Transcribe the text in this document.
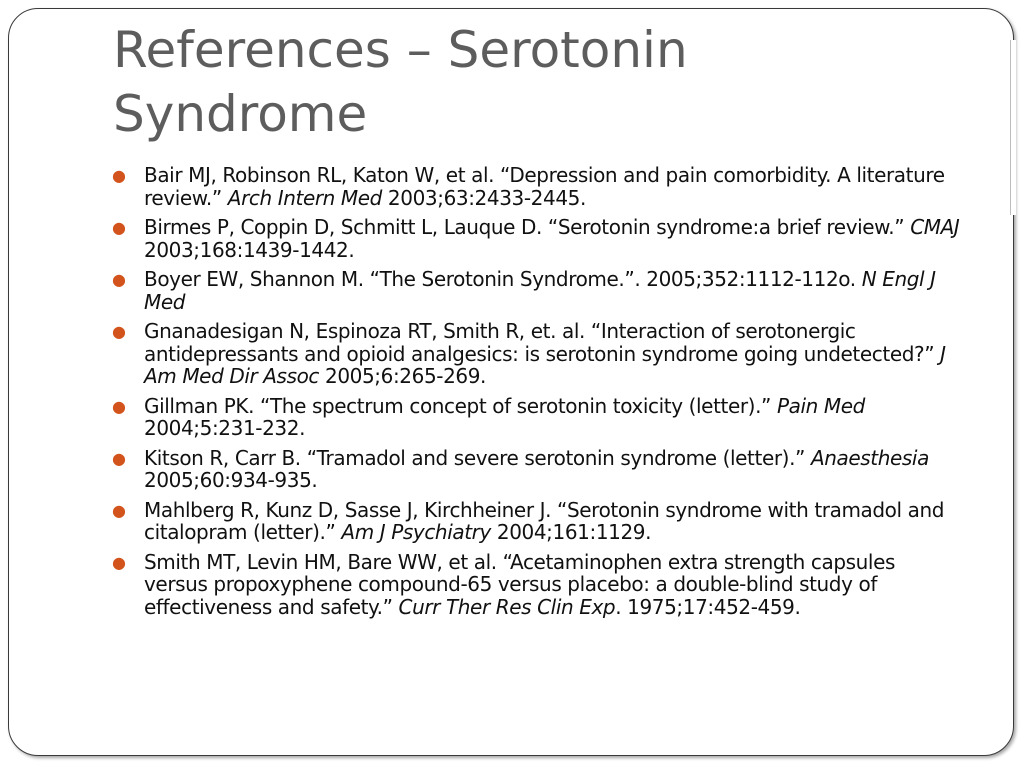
References – Serotonin Syndrome
● Bair MJ, Robinson RL, Katon W, et al. “Depression and pain comorbidity. A literature review.” Arch Intern Med 2003;63:2433-2445.
● Birmes P, Coppin D, Schmitt L, Lauque D. “Serotonin syndrome:a brief review.” CMAJ 2003;168:1439-1442.
● Boyer EW, Shannon M. “The Serotonin Syndrome.”. 2005;352:1112-112o. N Engl J Med
● Gnanadesigan N, Espinoza RT, Smith R, et. al. “Interaction of serotonergic antidepressants and opioid analgesics: is serotonin syndrome going undetected?” J Am Med Dir Assoc 2005;6:265-269.
● Gillman PK. “The spectrum concept of serotonin toxicity (letter).” Pain Med 2004;5:231-232.
● Kitson R, Carr B. “Tramadol and severe serotonin syndrome (letter).” Anaesthesia 2005;60:934-935.
● Mahlberg R, Kunz D, Sasse J, Kirchheiner J. “Serotonin syndrome with tramadol and citalopram (letter).” Am J Psychiatry 2004;161:1129.
● Smith MT, Levin HM, Bare WW, et al. “Acetaminophen extra strength capsules versus propoxyphene compound-65 versus placebo: a double-blind study of effectiveness and safety.” Curr Ther Res Clin Exp. 1975;17:452-459.
